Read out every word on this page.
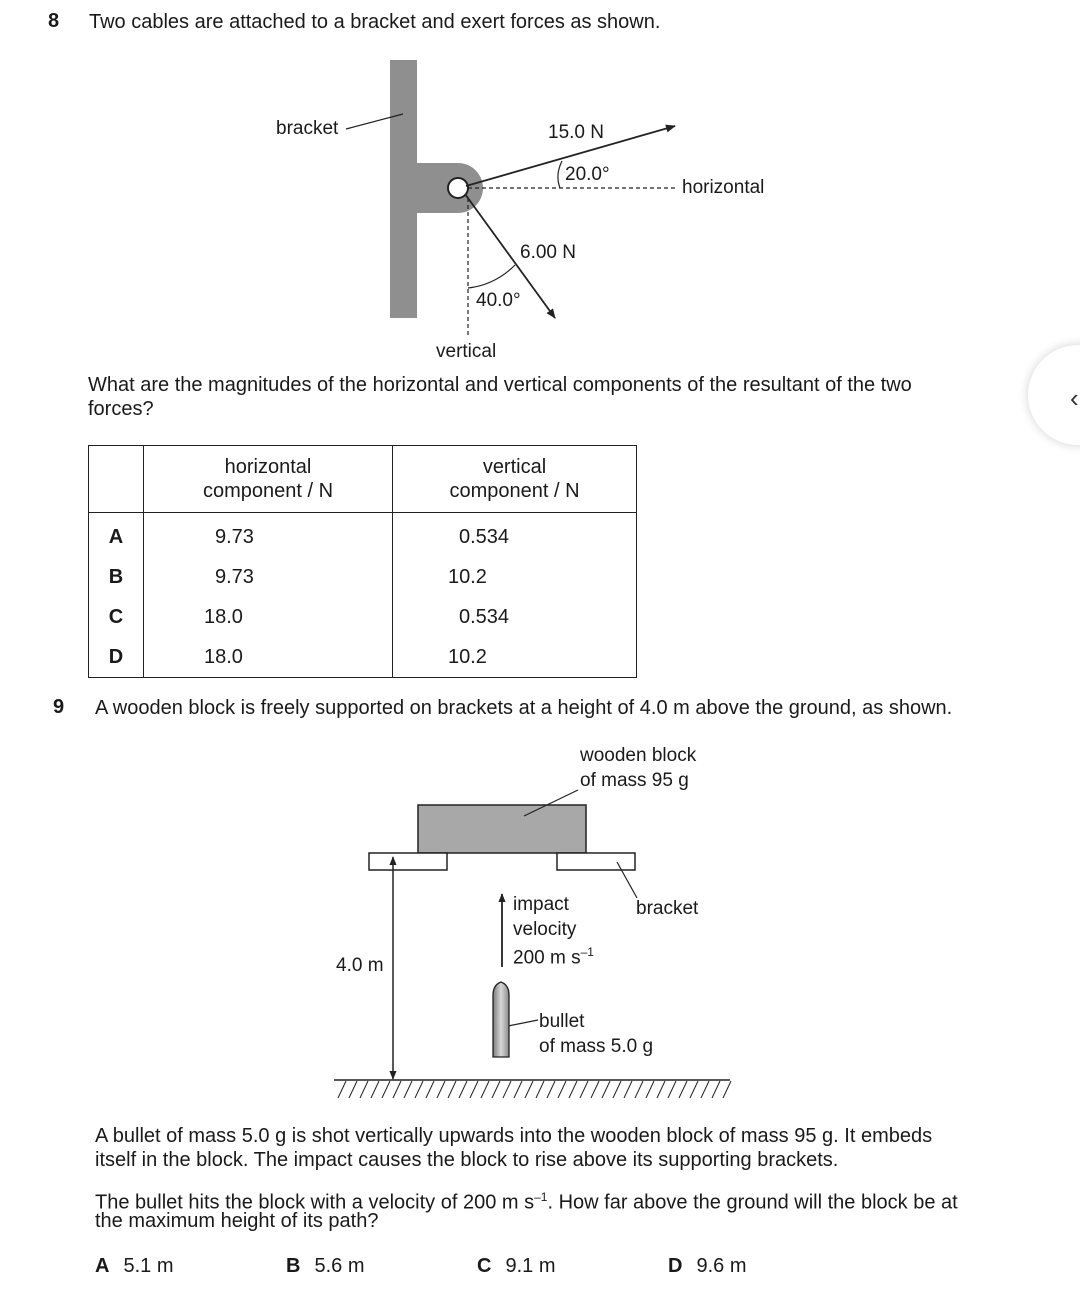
8 Two cables are attached to a bracket and exert forces as shown.
bracket	15.0 N
20.0°
horizontal
6.00 N
40.0°
vertical
What are the magnitudes of the horizontal and vertical components of the resultant of the two
forces?

	horizontal
component / N	vertical
component / N

A	9.73	0.534
B	9.73	10.2
C	18.0	0.534
D	18.0	10.2
9 A wooden block is freely supported on brackets at a height of 4.0 m above the ground, as shown.
wooden block
of mass 95 g
bracket
impact
velocity
200 m $s^{-1}$
4.0 m
bullet
of mass 5.0 g
A bullet of mass 5.0 g is shot vertically upwards into the wooden block of mass 95 g. It embeds
itself in the block. The impact causes the block to rise above its supporting brackets.
The bullet hits the block with a velocity of 200 m $s^{-1}$. How far above the ground will the block be at
the maximum height of its path?
A 5.1 m	B 5.6 m	C 9.1 m	D 9.6 m
‹
